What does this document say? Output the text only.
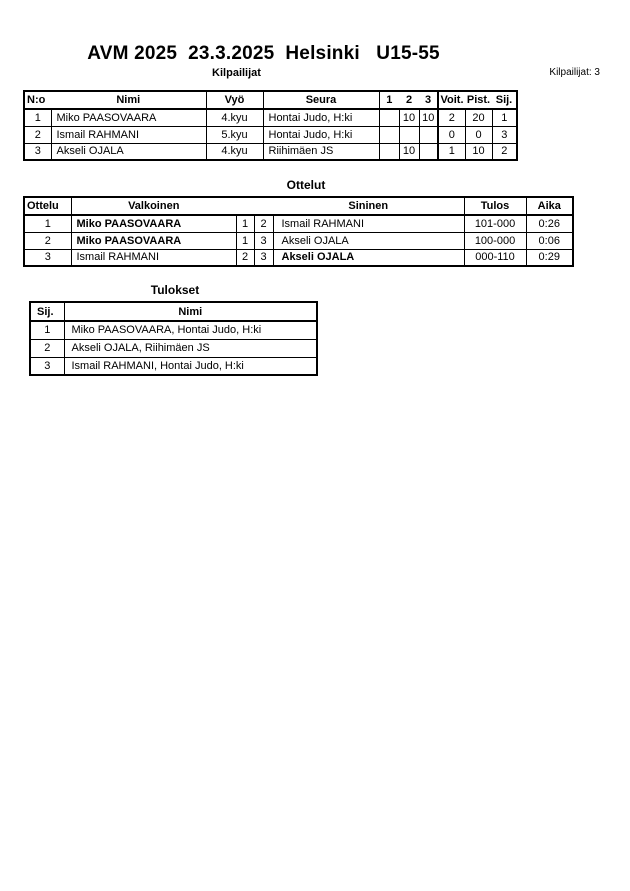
AVM 2025  23.3.2025  Helsinki   U15-55
Kilpailijat	Kilpailijat: 3
N:o	Nimi	Vyö	Seura	1	2	3	Voit.	Pist.	Sij.
1	Miko PAASOVAARA	4.kyu	Hontai Judo, H:ki		10	10	2	20	1
2	Ismail RAHMANI	5.kyu	Hontai Judo, H:ki				0	0	3
3	Akseli OJALA	4.kyu	Riihimäen JS		10		1	10	2
Ottelut
Ottelu	Valkoinen			Sininen	Tulos	Aika
1	Miko PAASOVAARA	1	2	Ismail RAHMANI	101-000	0:26
2	Miko PAASOVAARA	1	3	Akseli OJALA	100-000	0:06
3	Ismail RAHMANI	2	3	Akseli OJALA	000-110	0:29
Tulokset
Sij.	Nimi
1	Miko PAASOVAARA, Hontai Judo, H:ki
2	Akseli OJALA, Riihimäen JS
3	Ismail RAHMANI, Hontai Judo, H:ki
